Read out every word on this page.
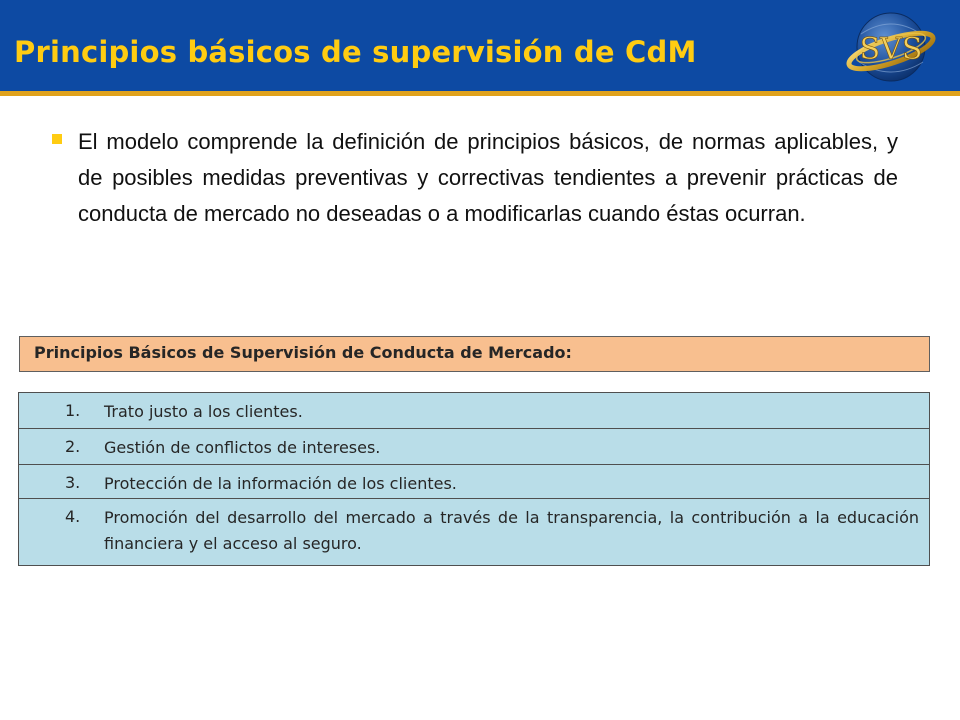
Principios básicos de supervisión de CdM	SVS

El modelo comprende la definición de principios básicos, de normas aplicables, y de posibles medidas preventivas y correctivas tendientes a prevenir prácticas de conducta de mercado no deseadas o a modificarlas cuando éstas ocurran.

Principios Básicos de Supervisión de Conducta de Mercado:
1.	Trato justo a los clientes.

2.	Gestión de conflictos de intereses.

3.	Protección de la información de los clientes.

4.	Promoción del desarrollo del mercado a través de la transparencia, la contribución a la educación financiera y el acceso al seguro.
